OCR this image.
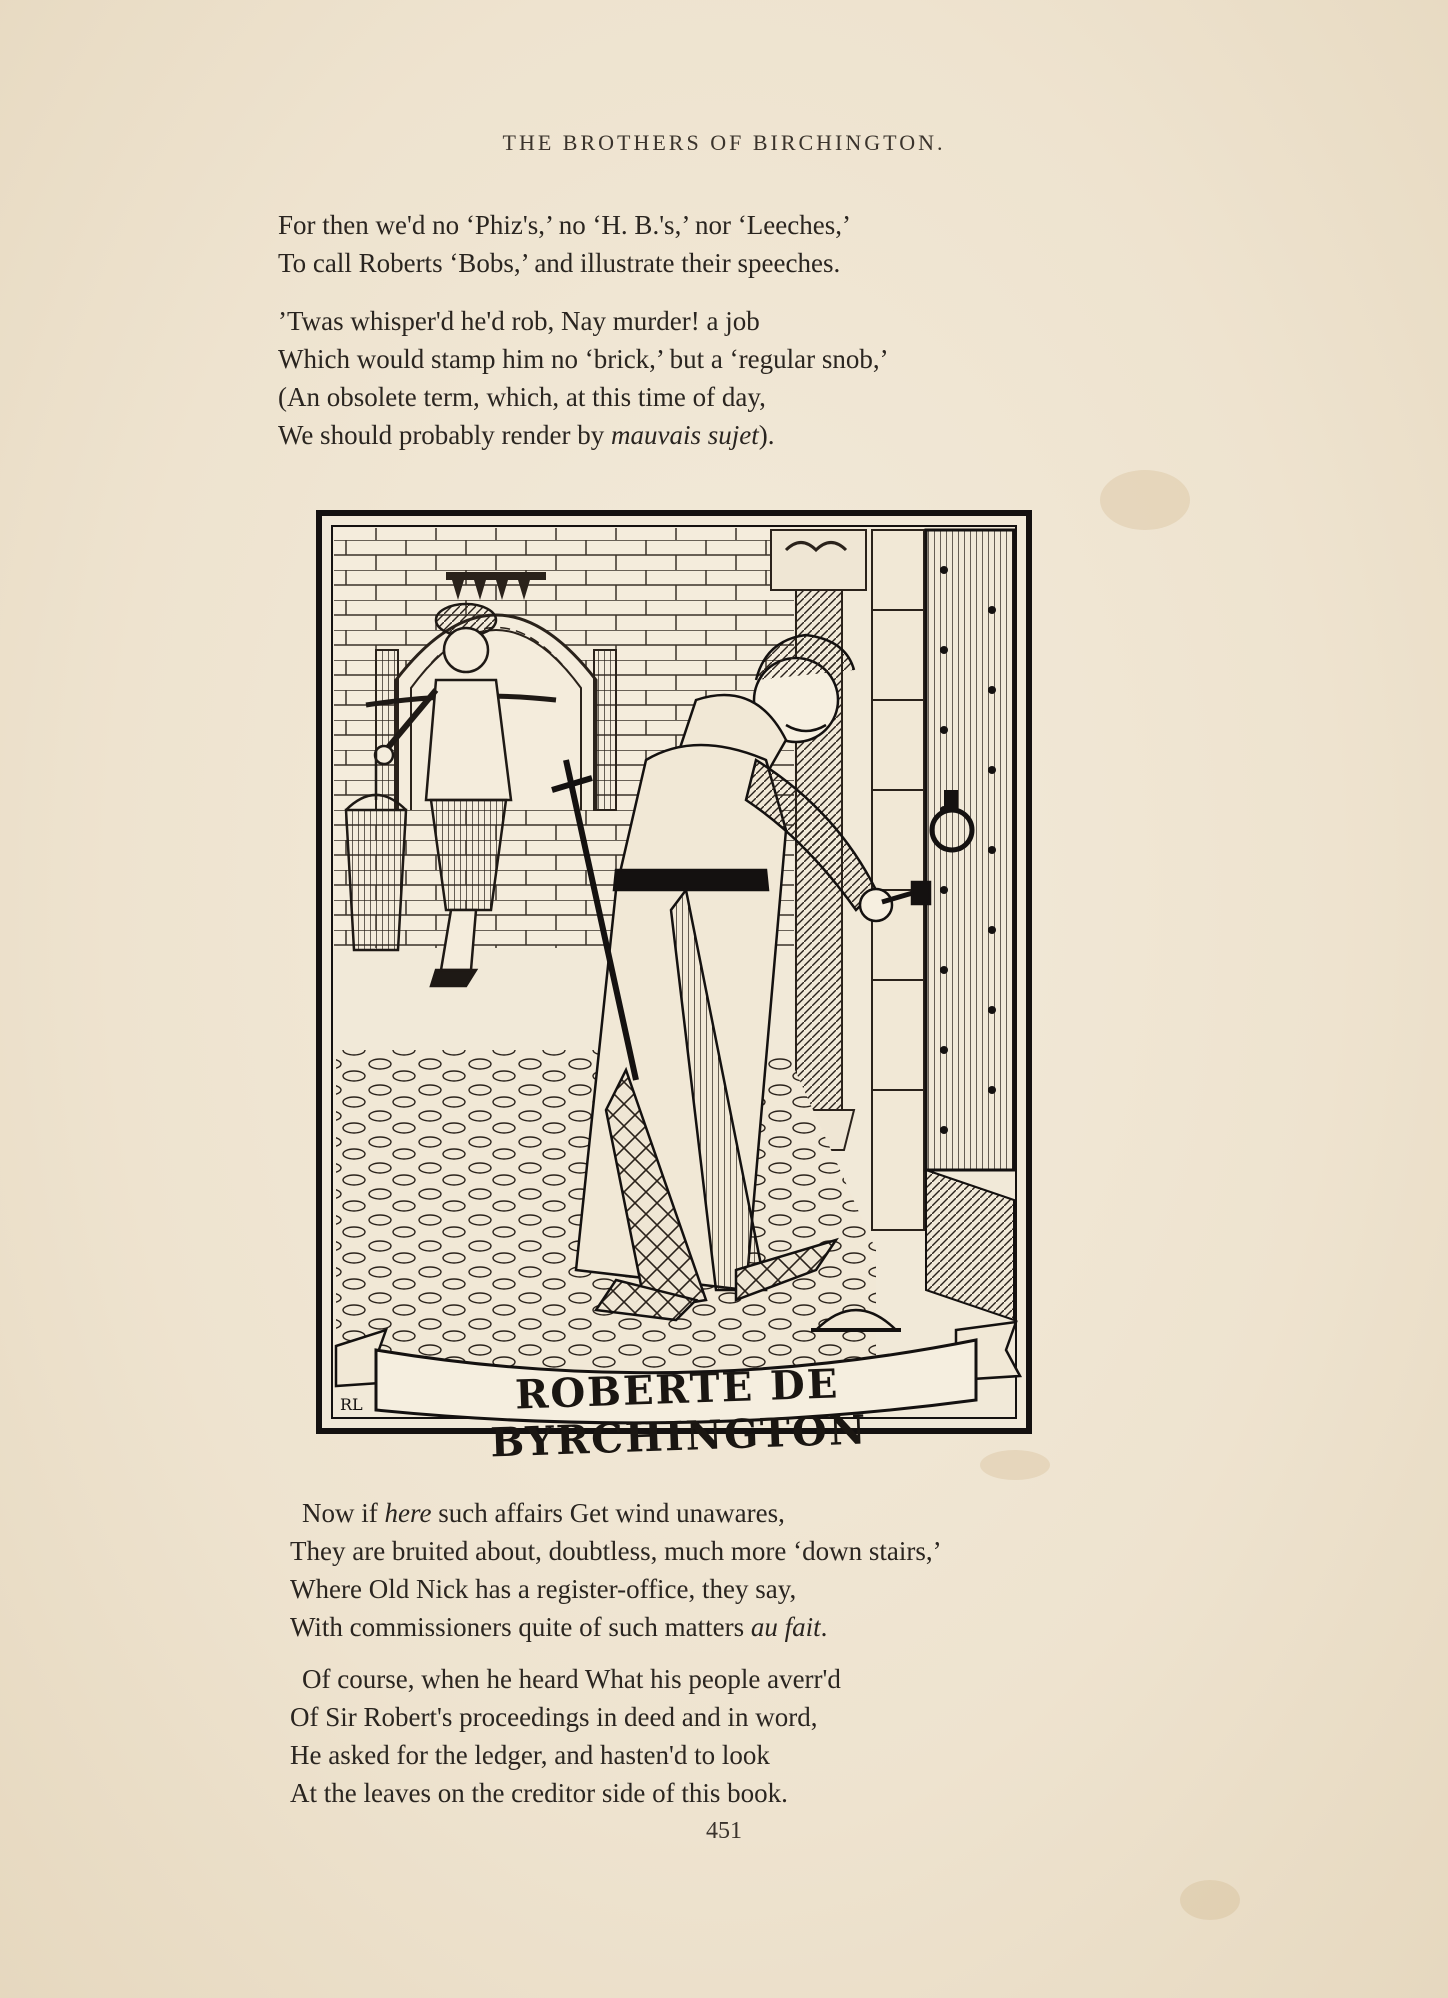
THE BROTHERS OF BIRCHINGTON.
For then we'd no ‘Phiz's,’ no ‘H. B.'s,’ nor ‘Leeches,’
To call Roberts ‘Bobs,’ and illustrate their speeches.
’Twas whisper'd he'd rob, Nay murder! a job
Which would stamp him no ‘brick,’ but a ‘regular snob,’
(An obsolete term, which, at this time of day,
We should probably render by mauvais sujet).
RL	ROBERTE DE BYRCHINGTON
Now if here such affairs Get wind unawares,
They are bruited about, doubtless, much more ‘down stairs,’
Where Old Nick has a register-office, they say,
With commissioners quite of such matters au fait.
Of course, when he heard What his people averr'd
Of Sir Robert's proceedings in deed and in word,
He asked for the ledger, and hasten'd to look
At the leaves on the creditor side of this book.
451
